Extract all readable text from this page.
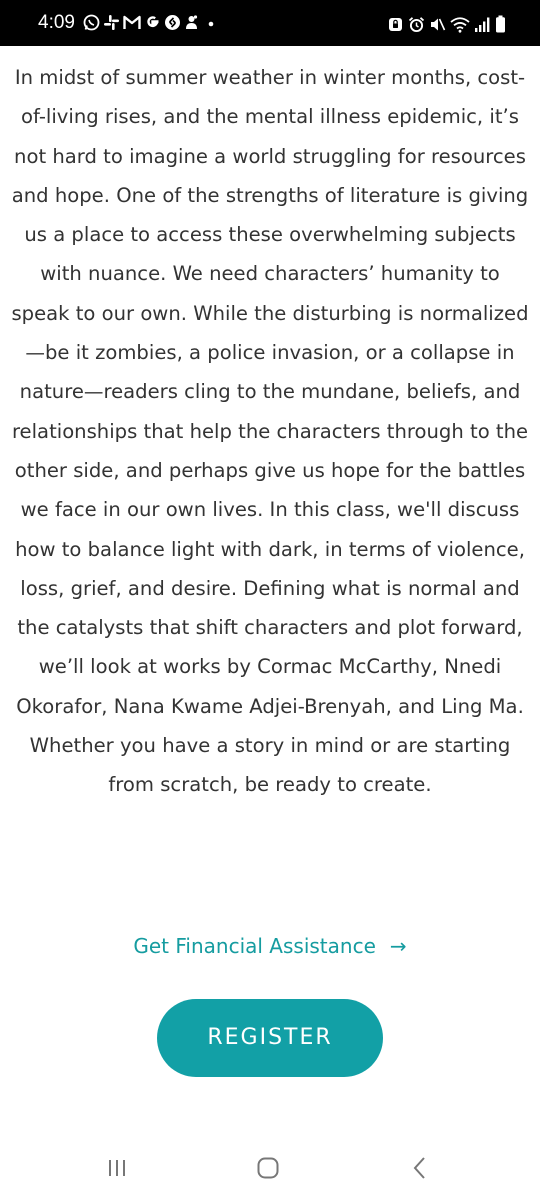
4:09

In midst of summer weather in winter months, cost-of-living rises, and the mental illness epidemic, it’s not hard to imagine a world struggling for resources and hope. One of the strengths of literature is giving us a place to access these overwhelming subjects with nuance. We need characters’ humanity to speak to our own. While the disturbing is normalized—be it zombies, a police invasion, or a collapse in nature—readers cling to the mundane, beliefs, and relationships that help the characters through to the other side, and perhaps give us hope for the battles we face in our own lives. In this class, we'll discuss how to balance light with dark, in terms of violence, loss, grief, and desire. Defining what is normal and the catalysts that shift characters and plot forward, we’ll look at works by Cormac McCarthy, Nnedi Okorafor, Nana Kwame Adjei-Brenyah, and Ling Ma. Whether you have a story in mind or are starting from scratch, be ready to create.

Get Financial Assistance →
REGISTER
